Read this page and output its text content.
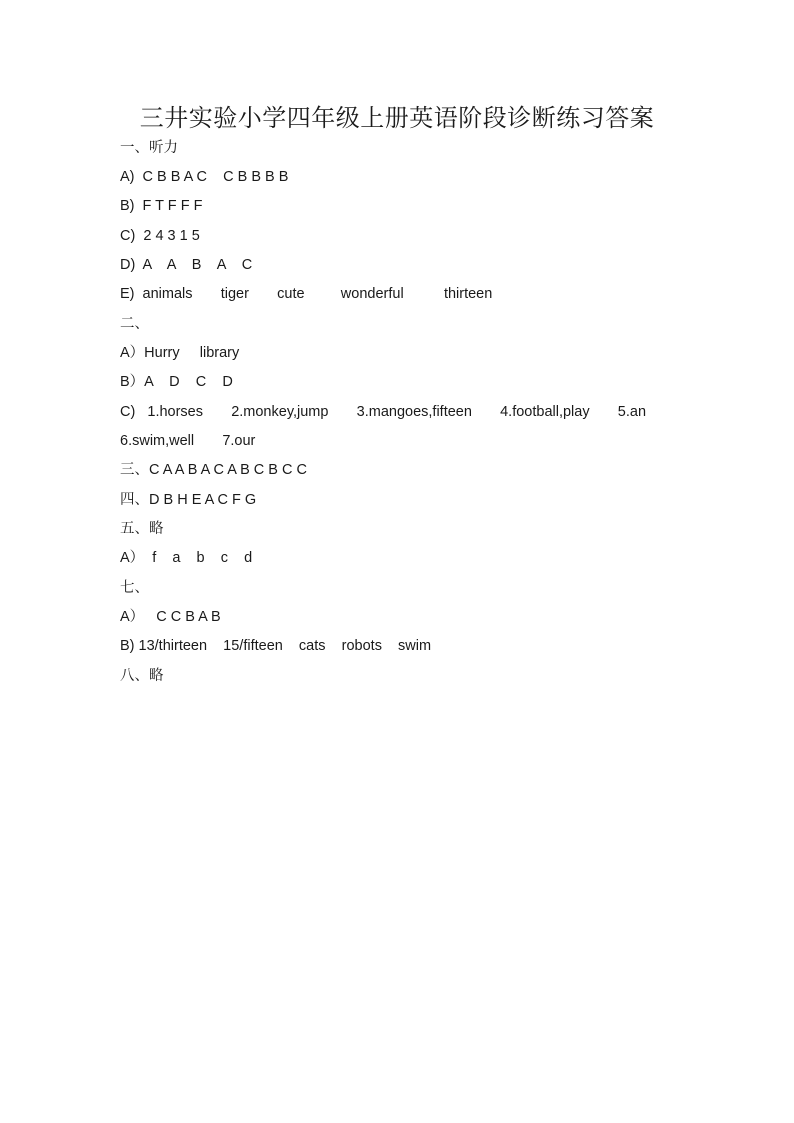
三井实验小学四年级上册英语阶段诊断练习答案
一、听力
A)  C B B A C    C B B B B
B)  F T F F F
C)  2 4 3 1 5
D)  A    A    B    A    C
E)  animals       tiger       cute         wonderful          thirteen
二、
A）Hurry     library
B）A    D    C    D
C)   1.horses       2.monkey,jump       3.mangoes,fifteen       4.football,play       5.an
6.swim,well       7.our
三、C A A B A C A B C B C C
四、D B H E A C F G
五、略
A）  f    a    b    c    d
七、
A）   C C B A B
B) 13/thirteen    15/fifteen    cats    robots    swim
八、略
